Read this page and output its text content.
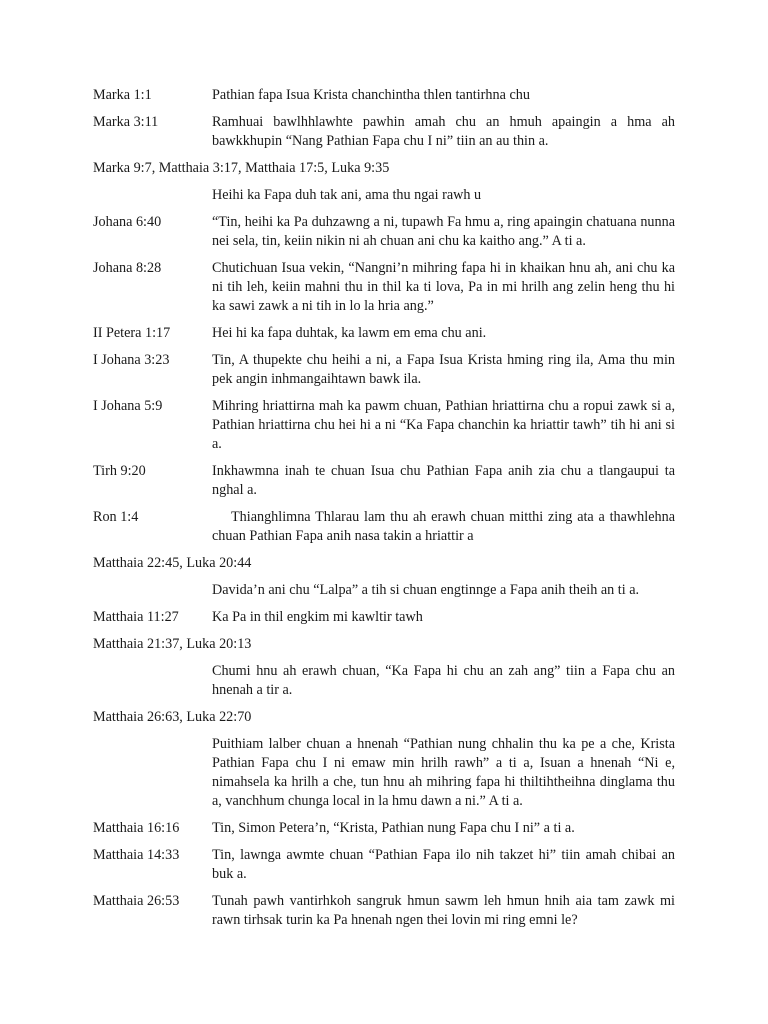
Marka 1:1	Pathian fapa Isua Krista chanchintha thlen tantirhna chu
Marka 3:11	Ramhuai bawlhhlawhte pawhin amah chu an hmuh apaingin a hma ah bawkkhupin “Nang Pathian Fapa chu I ni” tiin an au thin a.
Marka 9:7, Matthaia 3:17, Matthaia 17:5, Luka 9:35
Heihi ka Fapa duh tak ani, ama thu ngai rawh u
Johana 6:40	“Tin, heihi ka Pa duhzawng a ni, tupawh Fa hmu a, ring apaingin chatuana nunna nei sela, tin, keiin nikin ni ah chuan ani chu ka kaitho ang.” A ti a.
Johana 8:28	Chutichuan Isua vekin, “Nangni’n mihring fapa hi in khaikan hnu ah, ani chu ka ni tih leh, keiin mahni thu in thil ka ti lova, Pa in mi hrilh ang zelin heng thu hi ka sawi zawk a ni tih in lo la hria ang.”
II Petera 1:17	Hei hi ka fapa duhtak, ka lawm em ema chu ani.
I Johana 3:23	Tin, A thupekte chu heihi a ni, a Fapa Isua Krista hming ring ila, Ama thu min pek angin inhmangaihtawn bawk ila.
I Johana 5:9	Mihring hriattirna mah ka pawm chuan, Pathian hriattirna chu a ropui zawk si a, Pathian hriattirna chu hei hi a ni “Ka Fapa chanchin ka hriattir tawh” tih hi ani si a.
Tirh 9:20	Inkhawmna inah te chuan Isua chu Pathian Fapa anih zia chu a tlangaupui ta nghal a.
Ron 1:4	Thianghlimna Thlarau lam thu ah erawh chuan mitthi zing ata a thawhlehna chuan Pathian Fapa anih nasa takin a hriattir a
Matthaia 22:45, Luka 20:44
Davida’n ani chu “Lalpa” a tih si chuan engtinnge a Fapa anih theih an ti a.
Matthaia 11:27	Ka Pa in thil engkim mi kawltir tawh
Matthaia 21:37, Luka 20:13
Chumi hnu ah erawh chuan, “Ka Fapa hi chu an zah ang” tiin a Fapa chu an hnenah a tir a.
Matthaia 26:63, Luka 22:70
Puithiam lalber chuan a hnenah “Pathian nung chhalin thu ka pe a che, Krista Pathian Fapa chu I ni emaw min hrilh rawh” a ti a, Isuan a hnenah “Ni e, nimahsela ka hrilh a che, tun hnu ah mihring fapa hi thiltihtheihna dinglama thu a, vanchhum chunga local in la hmu dawn a ni.” A ti a.
Matthaia 16:16	Tin, Simon Petera’n, “Krista, Pathian nung Fapa chu I ni” a ti a.
Matthaia 14:33	Tin, lawnga awmte chuan “Pathian Fapa ilo nih takzet hi” tiin amah chibai an buk a.
Matthaia 26:53	Tunah pawh vantirhkoh sangruk hmun sawm leh hmun hnih aia tam zawk mi rawn tirhsak turin ka Pa hnenah ngen thei lovin mi ring emni le?
